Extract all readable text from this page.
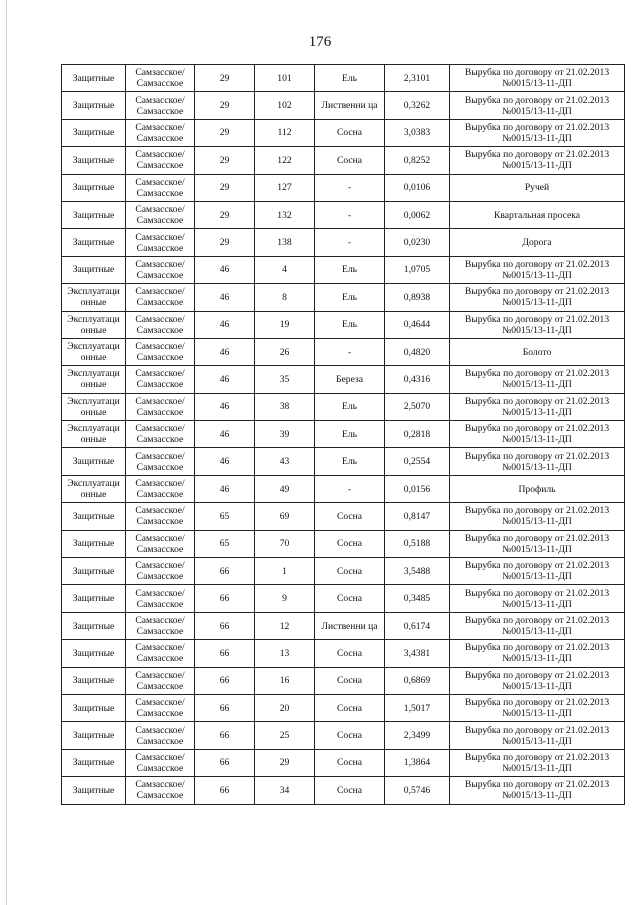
176
Защитные	Самзасское/ Самзасское	29	101	Ель	2,3101	Вырубка по договору от 21.02.2013 №0015/13-11-ДП
Защитные	Самзасское/ Самзасское	29	102	Лиственни ца	0,3262	Вырубка по договору от 21.02.2013 №0015/13-11-ДП
Защитные	Самзасское/ Самзасское	29	112	Сосна	3,0383	Вырубка по договору от 21.02.2013 №0015/13-11-ДП
Защитные	Самзасское/ Самзасское	29	122	Сосна	0,8252	Вырубка по договору от 21.02.2013 №0015/13-11-ДП
Защитные	Самзасское/ Самзасское	29	127	-	0,0106	Ручей
Защитные	Самзасское/ Самзасское	29	132	-	0,0062	Квартальная просека
Защитные	Самзасское/ Самзасское	29	138	-	0,0230	Дорога
Защитные	Самзасское/ Самзасское	46	4	Ель	1,0705	Вырубка по договору от 21.02.2013 №0015/13-11-ДП
Эксплуатаци онные	Самзасское/ Самзасское	46	8	Ель	0,8938	Вырубка по договору от 21.02.2013 №0015/13-11-ДП
Эксплуатаци онные	Самзасское/ Самзасское	46	19	Ель	0,4644	Вырубка по договору от 21.02.2013 №0015/13-11-ДП
Эксплуатаци онные	Самзасское/ Самзасское	46	26	-	0,4820	Болото
Эксплуатаци онные	Самзасское/ Самзасское	46	35	Береза	0,4316	Вырубка по договору от 21.02.2013 №0015/13-11-ДП
Эксплуатаци онные	Самзасское/ Самзасское	46	38	Ель	2,5070	Вырубка по договору от 21.02.2013 №0015/13-11-ДП
Эксплуатаци онные	Самзасское/ Самзасское	46	39	Ель	0,2818	Вырубка по договору от 21.02.2013 №0015/13-11-ДП
Защитные	Самзасское/ Самзасское	46	43	Ель	0,2554	Вырубка по договору от 21.02.2013 №0015/13-11-ДП
Эксплуатаци онные	Самзасское/ Самзасское	46	49	-	0,0156	Профиль
Защитные	Самзасское/ Самзасское	65	69	Сосна	0,8147	Вырубка по договору от 21.02.2013 №0015/13-11-ДП
Защитные	Самзасское/ Самзасское	65	70	Сосна	0,5188	Вырубка по договору от 21.02.2013 №0015/13-11-ДП
Защитные	Самзасское/ Самзасское	66	1	Сосна	3,5488	Вырубка по договору от 21.02.2013 №0015/13-11-ДП
Защитные	Самзасское/ Самзасское	66	9	Сосна	0,3485	Вырубка по договору от 21.02.2013 №0015/13-11-ДП
Защитные	Самзасское/ Самзасское	66	12	Лиственни ца	0,6174	Вырубка по договору от 21.02.2013 №0015/13-11-ДП
Защитные	Самзасское/ Самзасское	66	13	Сосна	3,4381	Вырубка по договору от 21.02.2013 №0015/13-11-ДП
Защитные	Самзасское/ Самзасское	66	16	Сосна	0,6869	Вырубка по договору от 21.02.2013 №0015/13-11-ДП
Защитные	Самзасское/ Самзасское	66	20	Сосна	1,5017	Вырубка по договору от 21.02.2013 №0015/13-11-ДП
Защитные	Самзасское/ Самзасское	66	25	Сосна	2,3499	Вырубка по договору от 21.02.2013 №0015/13-11-ДП
Защитные	Самзасское/ Самзасское	66	29	Сосна	1,3864	Вырубка по договору от 21.02.2013 №0015/13-11-ДП
Защитные	Самзасское/ Самзасское	66	34	Сосна	0,5746	Вырубка по договору от 21.02.2013 №0015/13-11-ДП
